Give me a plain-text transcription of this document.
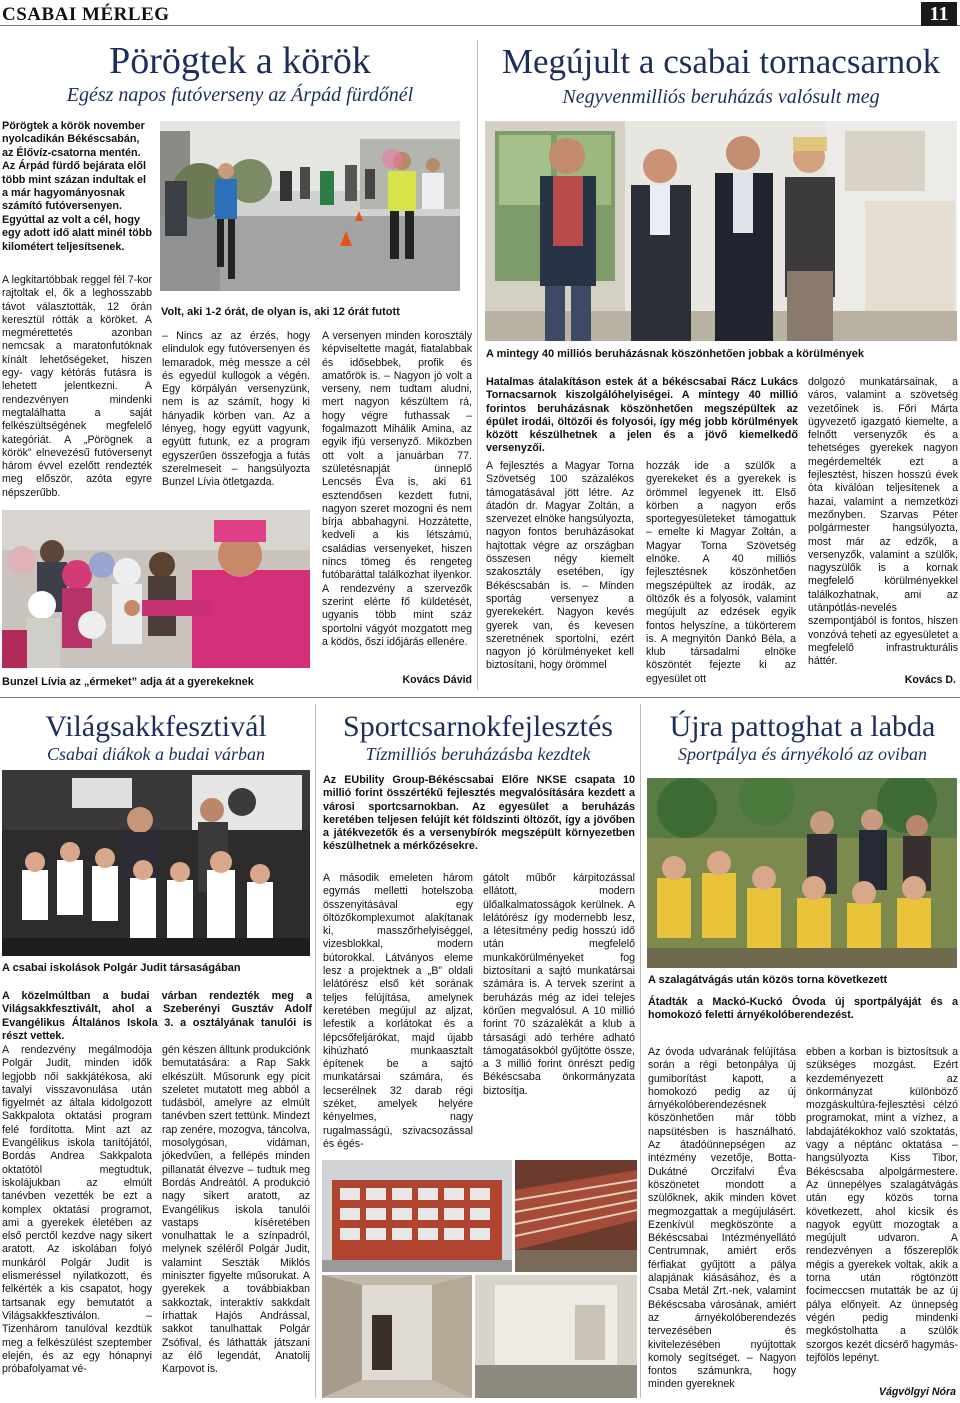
CSABAI MÉRLEG	11
Pörögtek a körök
Egész napos futóverseny az Árpád fürdőnél
Megújult a csabai tornacsarnok
Negyvenmilliós beruházás valósult meg
Pörögtek a körök november nyolcadikán Békéscsabán, az Élővíz-csatorna mentén. Az Árpád fürdő bejárata elől több mint százan indultak el a már hagyományosnak számító futóversenyen. Egyúttal az volt a cél, hogy egy adott idő alatt minél több kilométert teljesítsenek.
Volt, aki 1-2 órát, de olyan is, aki 12 órát futott
A legkitartóbbak reggel fél 7-kor rajtoltak el, ők a leghosszabb távot választották, 12 órán keresztül rótták a köröket. A megmérettetés azonban nemcsak a maratonfutóknak kínált lehetőségeket, hiszen egy- vagy kétórás futásra is lehetett jelentkezni. A rendezvényen mindenki megtalálhatta a saját felkészültségének megfelelő kategóriát. A „Pörögnek a körök” elnevezésű futóversenyt három évvel ezelőtt rendezték meg először, azóta egyre népszerűbb.
– Nincs az az érzés, hogy elindulok egy futóversenyen és lemaradok, még messze a cél és egyedül kullogok a végén. Egy körpályán versenyzünk, nem is az számít, hogy ki hányadik körben van. Az a lényeg, hogy együtt vagyunk, együtt futunk, ez a program egyszerűen összefogja a futás szerelmeseit – hangsúlyozta Bunzel Lívia ötletgazda.
A versenyen minden korosztály képviseltette magát, fiatalabbak és idősebbek, profik és amatőrök is. – Nagyon jó volt a verseny, nem tudtam aludni, mert nagyon készültem rá, hogy végre futhassak – fogalmazott Mihálik Amina, az egyik ifjú versenyző. Miközben ott volt a januárban 77. születésnapját ünneplő Lencsés Éva is, aki 61 esztendősen kezdett futni, nagyon szeret mozogni és nem bírja abbahagyni. Hozzátette, kedveli a kis létszámú, családias versenyeket, hiszen nincs tömeg és rengeteg futóbaráttal találkozhat ilyenkor. A rendezvény a szervezők szerint elérte fő küldetését, ugyanis több mint száz sportolni vágyót mozgatott meg a ködös, őszi időjárás ellenére.
Kovács Dávid
Bunzel Lívia az „érmeket” adja át a gyerekeknek
A mintegy 40 milliós beruházásnak köszönhetően jobbak a körülmények
Hatalmas átalakításon estek át a békéscsabai Rácz Lukács Tornacsarnok kiszolgálóhelyiségei. A mintegy 40 millió forintos beruházásnak köszönhetően megszépültek az épület irodái, öltözői és folyosói, így még jobb körülmények között készülhetnek a jelen és a jövő kiemelkedő versenyzői.
A fejlesztés a Magyar Torna Szövetség 100 százalékos támogatásával jött létre. Az átadón dr. Magyar Zoltán, a szervezet elnöke hangsúlyozta, nagyon fontos beruházásokat hajtottak végre az országban összesen négy kiemelt szakosztály esetében, így Békéscsabán is. – Minden sportág versenyez a gyerekekért. Nagyon kevés gyerek van, és kevesen szeretnének sportolni, ezért nagyon jó körülményeket kell biztosítani, hogy örömmel
hozzák ide a szülők a gyerekeket és a gyerekek is örömmel legyenek itt. Első körben a nagyon erős sportegyesületeket támogattuk – emelte ki Magyar Zoltán, a Magyar Torna Szövetség elnöke. A 40 milliós fejlesztésnek köszönhetően megszépültek az irodák, az öltözők és a folyosók, valamint megújult az edzések egyik fontos helyszíne, a tükörterem is. A megnyitón Dankó Béla, a klub társadalmi elnöke köszöntét fejezte ki az egyesület ott
dolgozó munkatársainak, a város, valamint a szövetség vezetőinek is. Főri Márta ügyvezető igazgató kiemelte, a felnőtt versenyzők és a tehetséges gyerekek nagyon megérdemelték ezt a fejlesztést, hiszen hosszú évek óta kiválóan teljesítenek a hazai, valamint a nemzetközi mezőnyben. Szarvas Péter polgármester hangsúlyozta, most már az edzők, a versenyzők, valamint a szülők, nagyszülők is a kornak megfelelő körülményekkel találkozhatnak, ami az utánpótlás-nevelés szempontjából is fontos, hiszen vonzóvá teheti az egyesületet a megfelelő infrastrukturális háttér.
Kovács D.
Világsakkfesztivál
Csabai diákok a budai várban
A csabai iskolások Polgár Judit társaságában
A közelmúltban a budai várban rendezték meg a Világsakkfesztivált, ahol a Szeberényi Gusztáv Adolf Evangélikus Általános Iskola 3. a osztályának tanulói is részt vettek.
A rendezvény megálmodója Polgár Judit, minden idők legjobb női sakkjátékosa, aki tavalyi visszavonulása után figyelmét az általa kidolgozott Sakkpalota oktatási program felé fordította. Mint azt az Evangélikus iskola tanítójától, Bordás Andrea Sakkpalota oktatótól megtudtuk, iskolájukban az elmúlt tanévben vezették be ezt a komplex oktatási programot, ami a gyerekek életében az első perctől kezdve nagy sikert aratott. Az iskolában folyó munkáról Polgár Judit is elismeréssel nyilatkozott, és felkérték a kis csapatot, hogy tartsanak egy bemutatót a Világsakkfesztiválon. – Tizenhárom tanulóval kezdtük meg a felkészülést szeptember elején, és az egy hónapnyi próbafolyamat vé-
gén készen álltunk produkciónk bemutatására: a Rap Sakk elkészült. Műsorunk egy picit szeletet mutatott meg abból a tudásból, amelyre az elmúlt tanévben szert tettünk. Mindezt rap zenére, mozogva, táncolva, mosolygósan, vidáman, jókedvűen, a fellépés minden pillanatát élvezve – tudtuk meg Bordás Andreától. A produkció nagy sikert aratott, az Evangélikus iskola tanulói vastaps kíséretében vonulhattak le a színpadról, melynek széléről Polgár Judit, valamint Seszták Miklós miniszter figyelte műsorukat. A gyerekek a továbbiakban sakkoztak, interaktív sakkdalt írhattak Hajós Andrással, sakkot tanulhattak Polgár Zsófival, és láthatták játszani az élő legendát, Anatolij Karpovot is.
Sportcsarnokfejlesztés
Tízmilliós beruházásba kezdtek
Az EUbility Group-Békéscsabai Előre NKSE csapata 10 millió forint összértékű fejlesztés megvalósítására kezdett a városi sportcsarnokban. Az egyesület a beruházás keretében teljesen felújít két földszinti öltözőt, így a jövőben a játékvezetők és a versenybírók megszépült környezetben készülhetnek a mérkőzésekre.
A második emeleten három egymás melletti hotelszoba összenyitásával egy öltözőkomplexumot alakítanak ki, masszőrhelyiséggel, vizesblokkal, modern bútorokkal. Látványos eleme lesz a projektnek a „B” oldali lelátórész első két sorának teljes felújítása, amelynek keretében megújul az aljzat, lefestik a korlátokat és a lépcsőfeljárókat, majd újabb kihúzható munkaasztalt építenek be a sajtó munkatársai számára, és lecserélnek 32 darab régi széket, amelyek helyére kényelmes, nagy rugalmasságú, szivacsozással és égés-
gátolt műbőr kárpitozással ellátott, modern ülőalkalmatosságok kerülnek. A lelátórész így modernebb lesz, a létesítmény pedig hosszú idő után megfelelő munkakörülményeket fog biztosítani a sajtó munkatársai számára is. A tervek szerint a beruházás még az idei telejes körűen megvalósul. A 10 millió forint 70 százalékát a klub a társasági adó terhére adható támogatásokból gyűjtötte össze, a 3 millió forint önrészt pedig Békéscsaba önkormányzata biztosítja.
Újra pattoghat a labda
Sportpálya és árnyékoló az oviban
A szalagátvágás után közös torna következett
Átadták a Mackó-Kuckó Óvoda új sportpályáját és a homokozó feletti árnyékolóberendezést.
Az óvoda udvarának felújítása során a régi betonpálya új gumiborítást kapott, a homokozó pedig az új árnyékolóberendezésnek köszönhetően már több napsütésben is használható. Az átadóünnepségen az intézmény vezetője, Botta-Dukátné Orczifalvi Éva köszönetet mondott a szülőknek, akik minden követ megmozgattak a megújulásért. Ezenkívül megköszönte a Békéscsabai Intézményellátó Centrumnak, amiért erős férfiakat gyűjtött a pálya alapjának kiásásához, és a Csaba Metál Zrt.-nek, valamint Békéscsaba városának, amiért az árnyékolóberendezés tervezésében és kivitelezésében nyújtottak komoly segítséget. – Nagyon fontos számunkra, hogy minden gyereknek
ebben a korban is biztosítsuk a szükséges mozgást. Ezért kezdeményezett az önkormányzat különböző mozgáskultúra-fejlesztési célzó programokat, mint a vízhez, a labdajátékokhoz való szoktatás, vagy a néptánc oktatása – hangsúlyozta Kiss Tibor, Békéscsaba alpolgármestere. Az ünnepélyes szalagátvágás után egy közös torna következett, ahol kicsik és nagyok együtt mozogtak a megújult udvaron. A rendezvényen a főszereplők mégis a gyerekek voltak, akik a torna után rögtönzött focimeccsen mutatták be az új pálya előnyeit. Az ünnepség végén pedig mindenki megkóstolhatta a szülők szorgos kezét dicsérő hagymás-tejfölös lepényt.
Vágvölgyi Nóra
